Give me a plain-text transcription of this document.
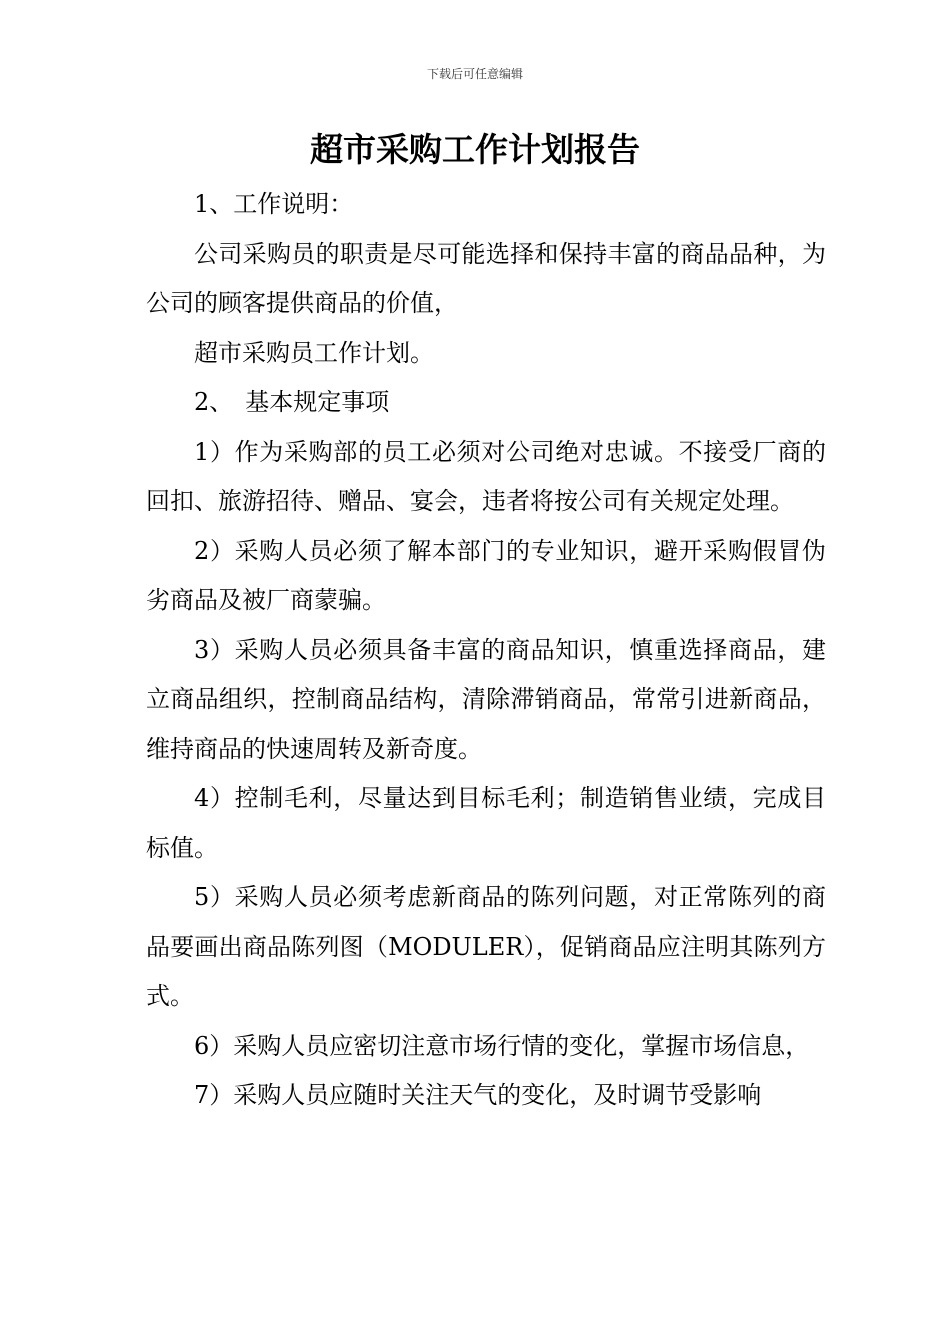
下载后可任意编辑
超市采购工作计划报告

1、工作说明：

公司采购员的职责是尽可能选择和保持丰富的商品品种，为公司的顾客提供商品的价值，

超市采购员工作计划。

2、　基本规定事项

1）作为采购部的员工必须对公司绝对忠诚。不接受厂商的回扣、旅游招待、赠品、宴会，违者将按公司有关规定处理。

2）采购人员必须了解本部门的专业知识，避开采购假冒伪劣商品及被厂商蒙骗。

3）采购人员必须具备丰富的商品知识，慎重选择商品，建立商品组织，控制商品结构，清除滞销商品，常常引进新商品，维持商品的快速周转及新奇度。

4）控制毛利，尽量达到目标毛利；制造销售业绩，完成目标值。

5）采购人员必须考虑新商品的陈列问题，对正常陈列的商品要画出商品陈列图（MODULER），促销商品应注明其陈列方式。

6）采购人员应密切注意市场行情的变化，掌握市场信息，

7）采购人员应随时关注天气的变化，及时调节受影响
